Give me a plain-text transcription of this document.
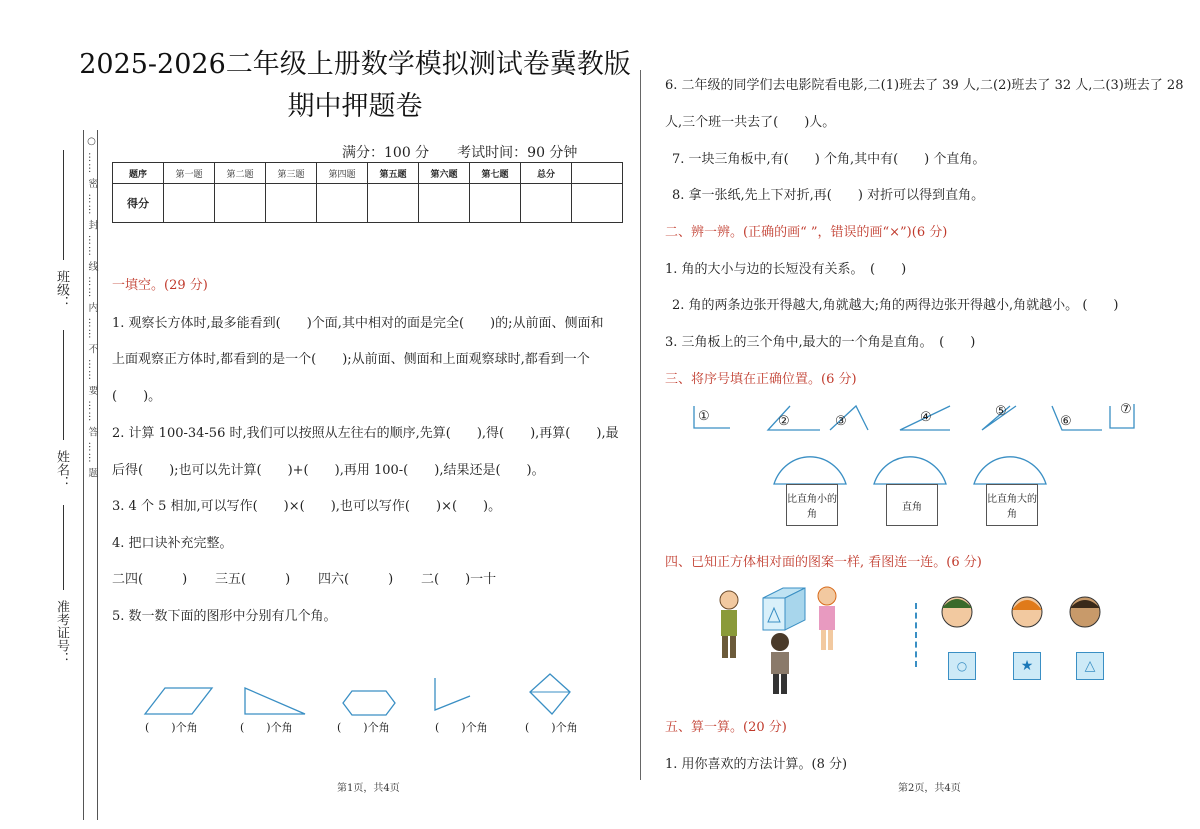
2025-2026二年级上册数学模拟测试卷冀教版
期中押题卷
○ …… 密 …… 封 …… 线 …… 内 …… 不 …… 要 …… 答 …… 题
班级：
姓名：
准考证号：
满分：100 分　　考试时间：90 分钟
题序	第一题	第二题	第三题	第四题	第五题	第六题	第七题	总分	
得分									
一填空。(29 分)
1. 观察长方体时,最多能看到(　　)个面,其中相对的面是完全(　　)的;从前面、侧面和
上面观察正方体时,都看到的是一个(　　);从前面、侧面和上面观察球时,都看到一个
(　　)。
2. 计算 100-34-56 时,我们可以按照从左往右的顺序,先算(　　),得(　　),再算(　　),最
后得(　　);也可以先计算(　　)+(　　),再用 100-(　　),结果还是(　　)。
3. 4 个 5 相加,可以写作(　　)×(　　),也可以写作(　　)×(　　)。
4. 把口诀补充完整。
二四(　　　) 三五(　　　) 四六(　　　) 二(　　)一十
5. 数一数下面的图形中分别有几个角。
(　　)个角	(　　)个角	(　　)个角	(　　)个角	(　　)个角
第1页，共4页
6. 二年级的同学们去电影院看电影,二(1)班去了 39 人,二(2)班去了 32 人,二(3)班去了 28
人,三个班一共去了(　　)人。
7. 一块三角板中,有(　　) 个角,其中有(　　) 个直角。
8. 拿一张纸,先上下对折,再(　　) 对折可以得到直角。
二、辨一辨。(正确的画“ ”，错误的画“×”)(6 分)
1. 角的大小与边的长短没有关系。　(　　)
2. 角的两条边张开得越大,角就越大;角的两得边张开得越小,角就越小。 (　　)
3. 三角板上的三个角中,最大的一个角是直角。　(　　)
三、将序号填在正确位置。(6 分)
①	②	③	④	⑤
⑥
⑦
比直角小的角
直角
比直角大的角
四、已知正方体相对面的图案一样, 看图连一连。(6 分)
○	★	△
五、算一算。(20 分)
1. 用你喜欢的方法计算。(8 分)
第2页，共4页
